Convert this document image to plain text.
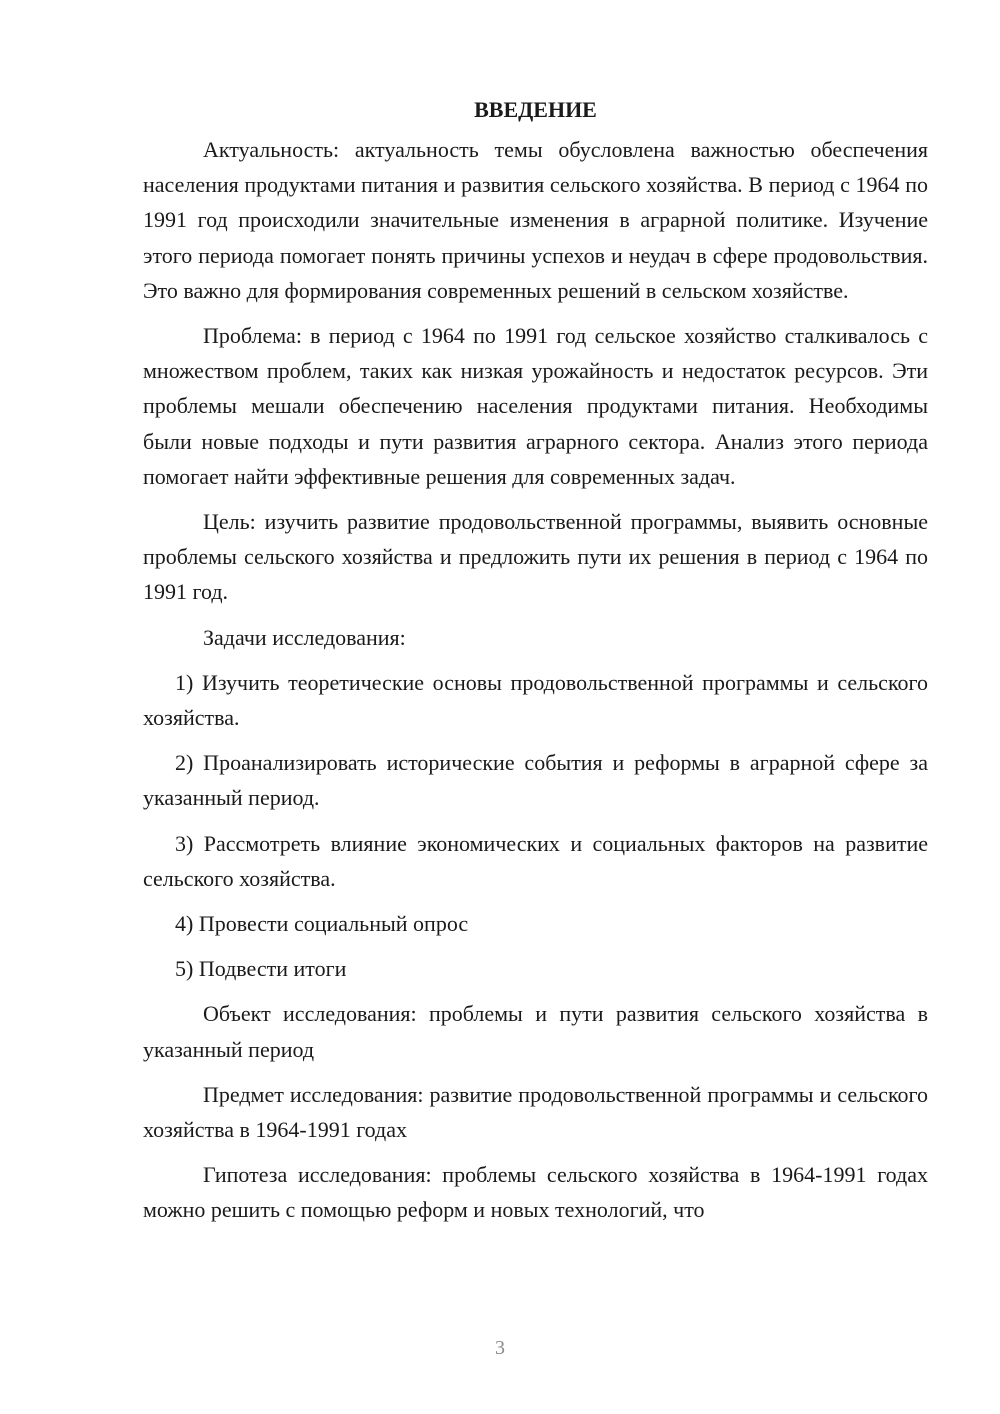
ВВЕДЕНИЕ

Актуальность: актуальность темы обусловлена важностью обеспечения населения продуктами питания и развития сельского хозяйства. В период с 1964 по 1991 год происходили значительные изменения в аграрной политике. Изучение этого периода помогает понять причины успехов и неудач в сфере продовольствия. Это важно для формирования современных решений в сельском хозяйстве.

Проблема: в период с 1964 по 1991 год сельское хозяйство сталкивалось с множеством проблем, таких как низкая урожайность и недостаток ресурсов. Эти проблемы мешали обеспечению населения продуктами питания. Необходимы были новые подходы и пути развития аграрного сектора. Анализ этого периода помогает найти эффективные решения для современных задач.

Цель: изучить развитие продовольственной программы, выявить основные проблемы сельского хозяйства и предложить пути их решения в период с 1964 по 1991 год.

Задачи исследования:

1) Изучить теоретические основы продовольственной программы и сельского хозяйства.

2) Проанализировать исторические события и реформы в аграрной сфере за указанный период.

3) Рассмотреть влияние экономических и социальных факторов на развитие сельского хозяйства.

4) Провести социальный опрос

5) Подвести итоги

Объект исследования: проблемы и пути развития сельского хозяйства в указанный период

Предмет исследования: развитие продовольственной программы и сельского хозяйства в 1964-1991 годах

Гипотеза исследования: проблемы сельского хозяйства в 1964-1991 годах можно решить с помощью реформ и новых технологий, что

3
